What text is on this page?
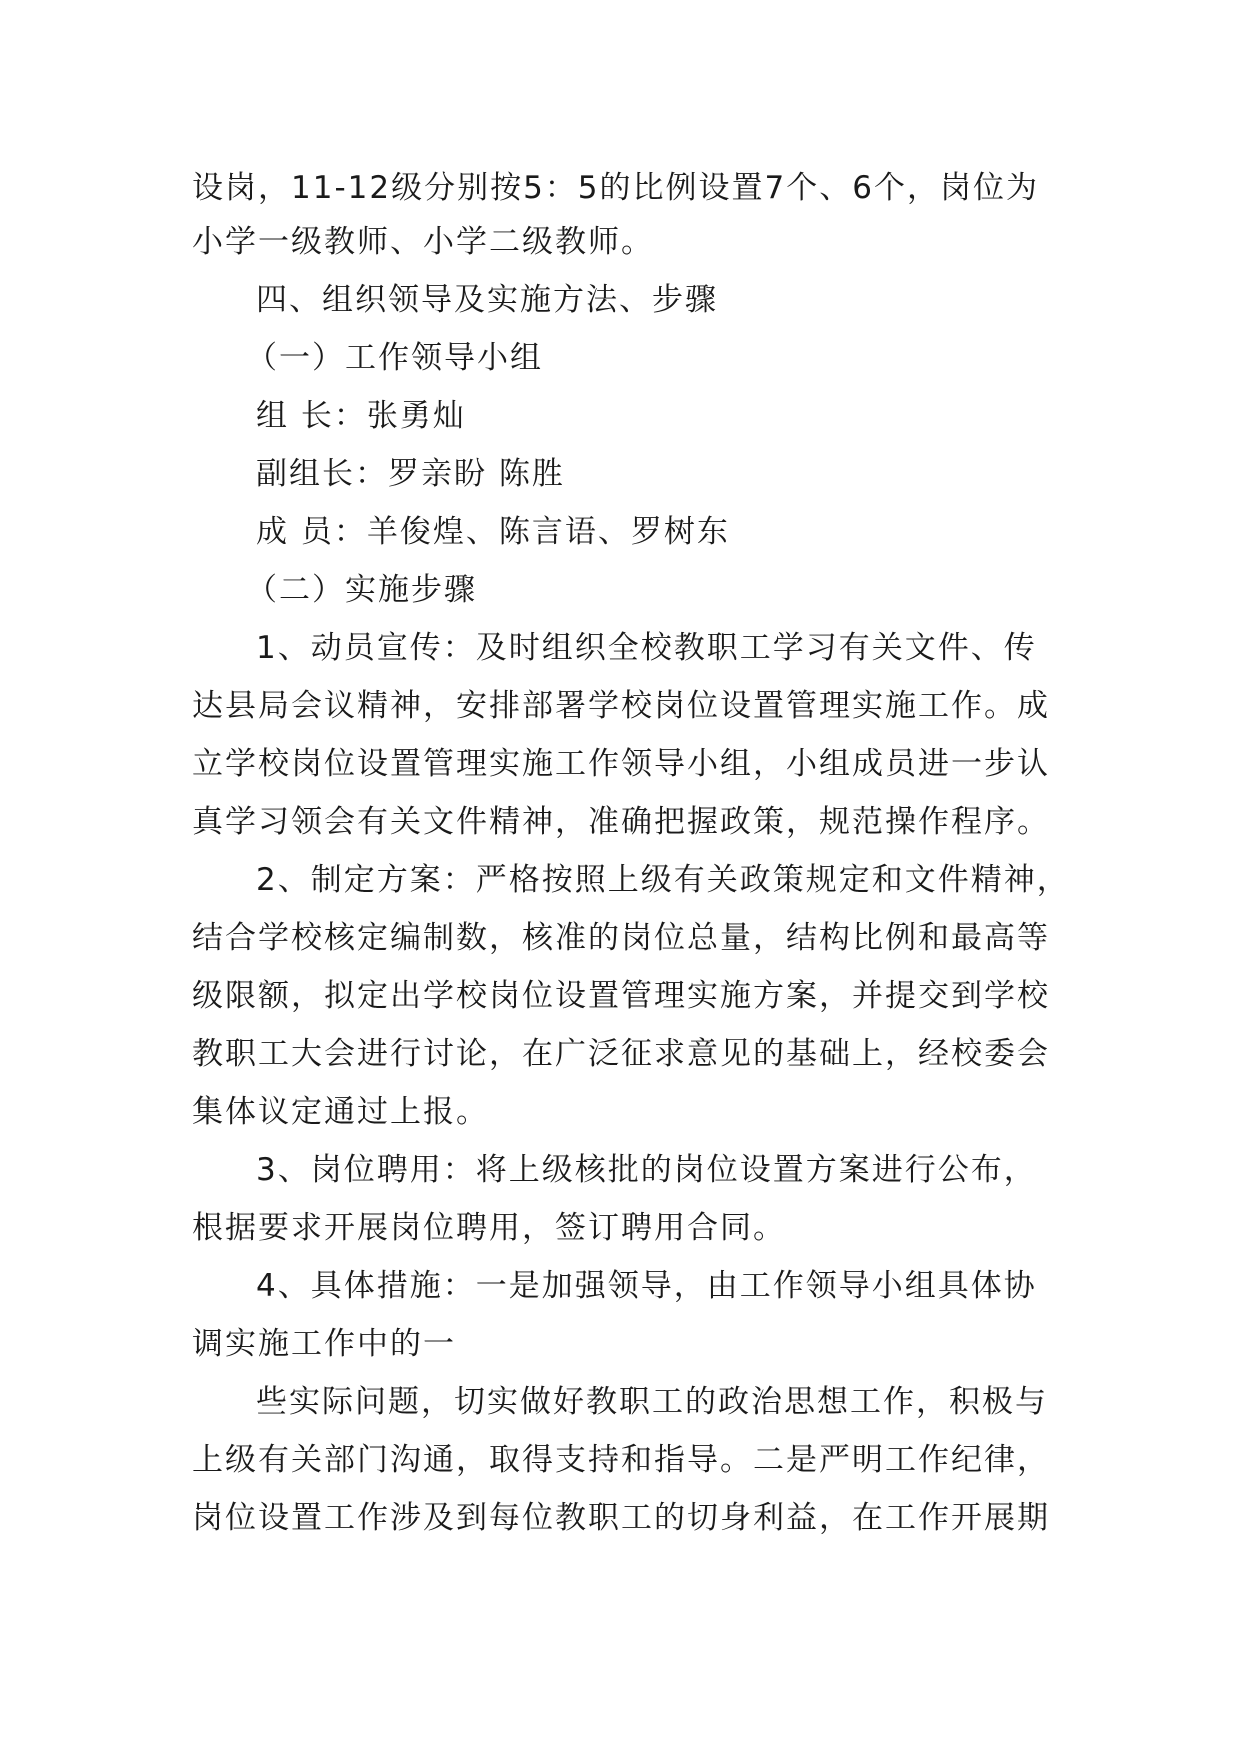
设岗，11-12级分别按5：5的比例设置7个、6个，岗位为
小学一级教师、小学二级教师。
四、组织领导及实施方法、步骤
（一）工作领导小组
组 长：张勇灿
副组长：罗亲盼 陈胜
成 员：羊俊煌、陈言语、罗树东
（二）实施步骤
1、动员宣传：及时组织全校教职工学习有关文件、传
达县局会议精神，安排部署学校岗位设置管理实施工作。成
立学校岗位设置管理实施工作领导小组，小组成员进一步认
真学习领会有关文件精神，准确把握政策，规范操作程序。
2、制定方案：严格按照上级有关政策规定和文件精神，
结合学校核定编制数，核准的岗位总量，结构比例和最高等
级限额，拟定出学校岗位设置管理实施方案，并提交到学校
教职工大会进行讨论，在广泛征求意见的基础上，经校委会
集体议定通过上报。
3、岗位聘用：将上级核批的岗位设置方案进行公布，
根据要求开展岗位聘用，签订聘用合同。
4、具体措施：一是加强领导，由工作领导小组具体协
调实施工作中的一
些实际问题，切实做好教职工的政治思想工作，积极与
上级有关部门沟通，取得支持和指导。二是严明工作纪律，
岗位设置工作涉及到每位教职工的切身利益，在工作开展期
